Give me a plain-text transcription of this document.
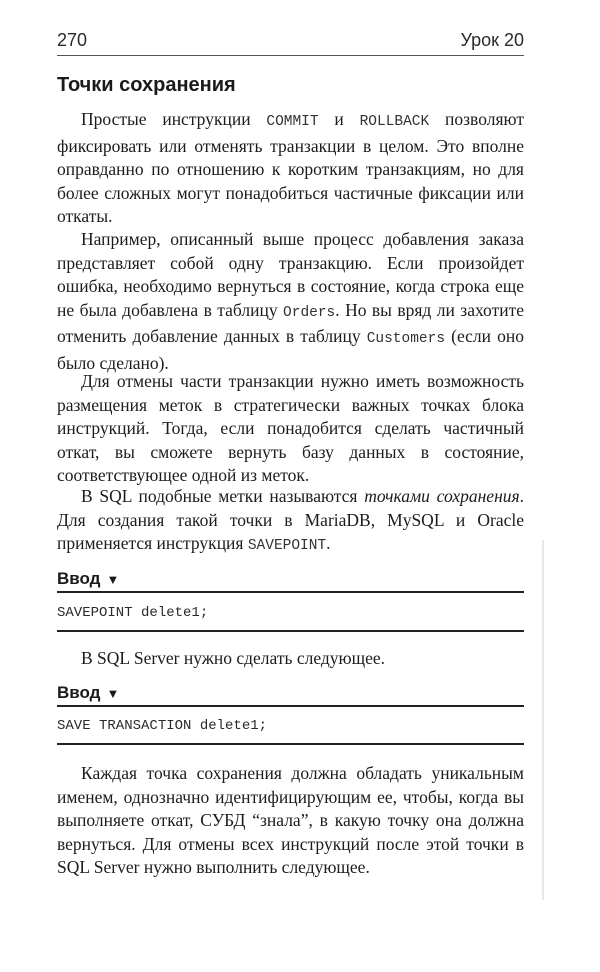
270	Урок 20
Точки сохранения

Простые инструкции COMMIT и ROLLBACK позволяют фиксировать или отменять транзакции в целом. Это вполне оправданно по отношению к коротким транзакциям, но для более сложных могут понадобиться частичные фиксации или откаты.

Например, описанный выше процесс добавления заказа представляет собой одну транзакцию. Если произойдет ошибка, необходимо вернуться в состояние, когда строка еще не была добавлена в таблицу Orders. Но вы вряд ли захотите отменить добавление данных в таблицу Customers (если оно было сделано).

Для отмены части транзакции нужно иметь возможность размещения меток в стратегически важных точках блока инструкций. Тогда, если понадобится сделать частичный откат, вы сможете вернуть базу данных в состояние, соответствующее одной из меток.

В SQL подобные метки называются точками сохранения. Для создания такой точки в MariaDB, MySQL и Oracle применяется инструкция SAVEPOINT.

Ввод ▼
SAVEPOINT delete1;

В SQL Server нужно сделать следующее.

Ввод ▼
SAVE TRANSACTION delete1;

Каждая точка сохранения должна обладать уникальным именем, однозначно идентифицирующим ее, чтобы, когда вы выполняете откат, СУБД “знала”, в какую точку она должна вернуться. Для отмены всех инструкций после этой точки в SQL Server нужно выполнить следующее.
